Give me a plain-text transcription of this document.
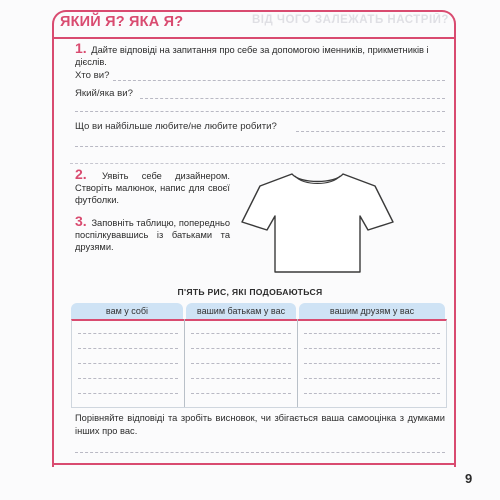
ЯКИЙ Я? ЯКА Я?	ВІД ЧОГО ЗАЛЕЖАТЬ НАСТРІЙ?
1. Дайте відповіді на запитання про себе за допомогою іменників, прикметників і дієслів.
Хто ви?
Який/яка ви?
Що ви найбільше любите/не любите робити?
2. Уявіть себе дизайнером. Створіть малюнок, напис для своєї футболки.
3. Заповніть таблицю, попередньо поспілкувавшись із батьками та друзями.
П'ЯТЬ РИС, ЯКІ ПОДОБАЮТЬСЯ
вам у собі	вашим батькам у вас	вашим друзям у вас
Порівняйте відповіді та зробіть висновок, чи збігається ваша самооцінка з думками інших про вас.
9
